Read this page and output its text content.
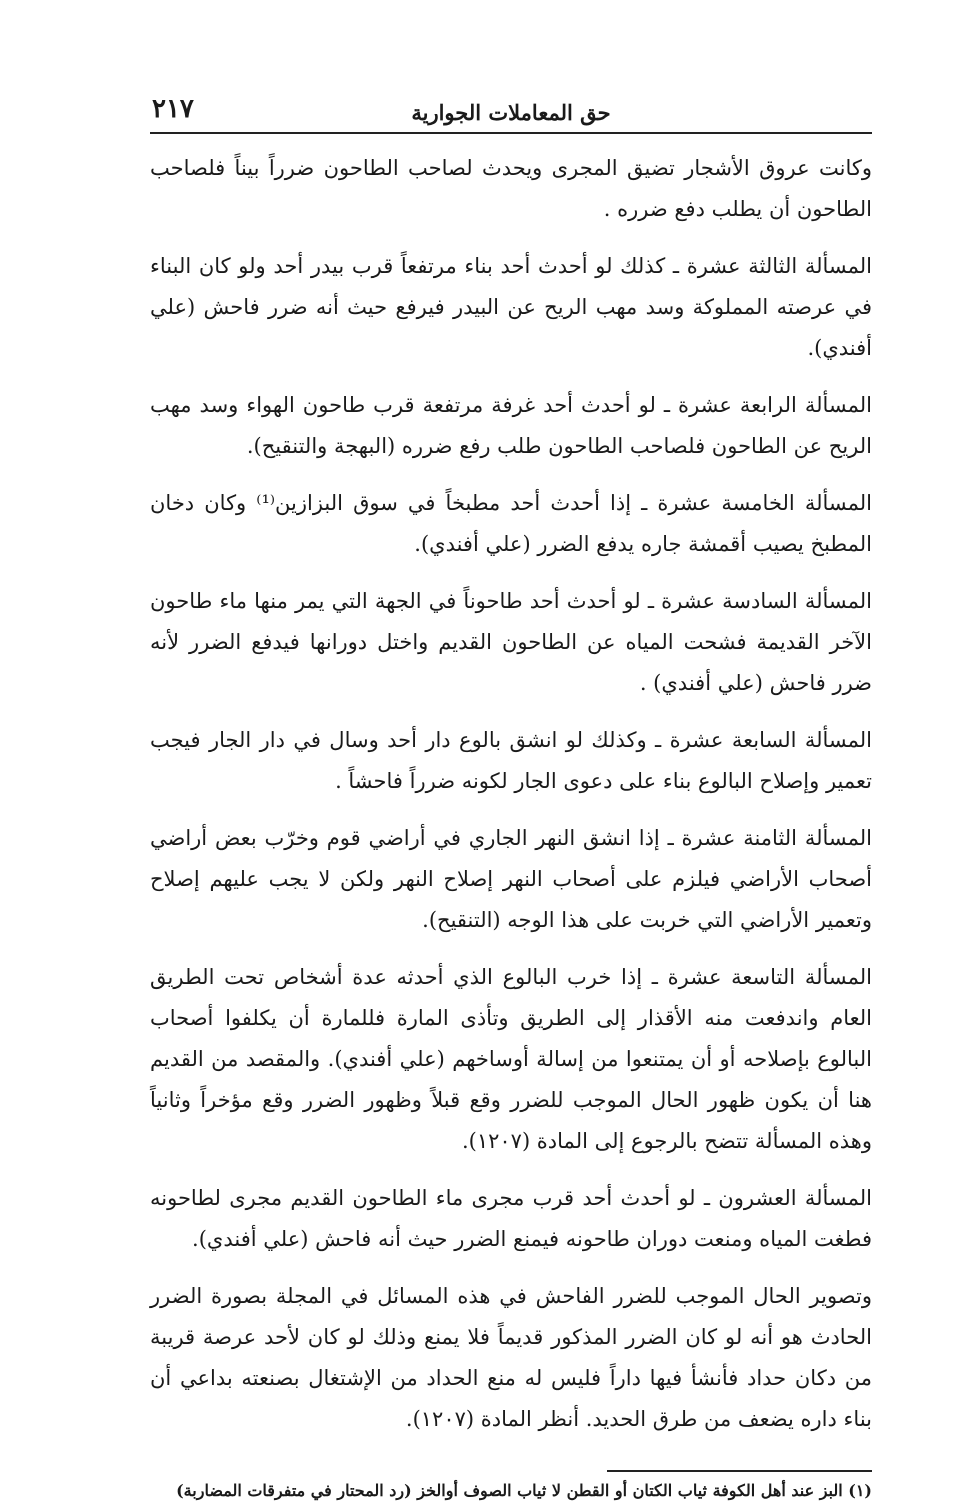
حق المعاملات الجوارية
٢١٧

وكانت عروق الأشجار تضيق المجرى ويحدث لصاحب الطاحون ضرراً بيناً فلصاحب الطاحون أن يطلب دفع ضرره .

المسألة الثالثة عشرة ـ كذلك لو أحدث أحد بناء مرتفعاً قرب بيدر أحد ولو كان البناء في عرصته المملوكة وسد مهب الريح عن البيدر فيرفع حيث أنه ضرر فاحش (علي أفندي).

المسألة الرابعة عشرة ـ لو أحدث أحد غرفة مرتفعة قرب طاحون الهواء وسد مهب الريح عن الطاحون فلصاحب الطاحون طلب رفع ضرره (البهجة والتنقيح).

المسألة الخامسة عشرة ـ إذا أحدث أحد مطبخاً في سوق البزازين⁽¹⁾ وكان دخان المطبخ يصيب أقمشة جاره يدفع الضرر (علي أفندي).

المسألة السادسة عشرة ـ لو أحدث أحد طاحوناً في الجهة التي يمر منها ماء طاحون الآخر القديمة فشحت المياه عن الطاحون القديم واختل دورانها فيدفع الضرر لأنه ضرر فاحش (علي أفندي) .

المسألة السابعة عشرة ـ وكذلك لو انشق بالوع دار أحد وسال في دار الجار فيجب تعمير وإصلاح البالوع بناء على دعوى الجار لكونه ضرراً فاحشاً .

المسألة الثامنة عشرة ـ إذا انشق النهر الجاري في أراضي قوم وخرّب بعض أراضي أصحاب الأراضي فيلزم على أصحاب النهر إصلاح النهر ولكن لا يجب عليهم إصلاح وتعمير الأراضي التي خربت على هذا الوجه (التنقيح).

المسألة التاسعة عشرة ـ إذا خرب البالوع الذي أحدثه عدة أشخاص تحت الطريق العام واندفعت منه الأقذار إلى الطريق وتأذى المارة فللمارة أن يكلفوا أصحاب البالوع بإصلاحه أو أن يمتنعوا من إسالة أوساخهم (علي أفندي). والمقصد من القديم هنا أن يكون ظهور الحال الموجب للضرر وقع قبلاً وظهور الضرر وقع مؤخراً وثانياً وهذه المسألة تتضح بالرجوع إلى المادة (١٢٠٧).

المسألة العشرون ـ لو أحدث أحد قرب مجرى ماء الطاحون القديم مجرى لطاحونه فطغت المياه ومنعت دوران طاحونه فيمنع الضرر حيث أنه فاحش (علي أفندي).

وتصوير الحال الموجب للضرر الفاحش في هذه المسائل في المجلة بصورة الضرر الحادث هو أنه لو كان الضرر المذكور قديماً فلا يمنع وذلك لو كان لأحد عرصة قريبة من دكان حداد فأنشأ فيها داراً فليس له منع الحداد من الإشتغال بصنعته بداعي أن بناء داره يضعف من طرق الحديد. أنظر المادة (١٢٠٧).

(١) البز عند أهل الكوفة ثياب الكتان أو القطن لا ثياب الصوف أوالخز (رد المحتار في متفرقات المضاربة)
